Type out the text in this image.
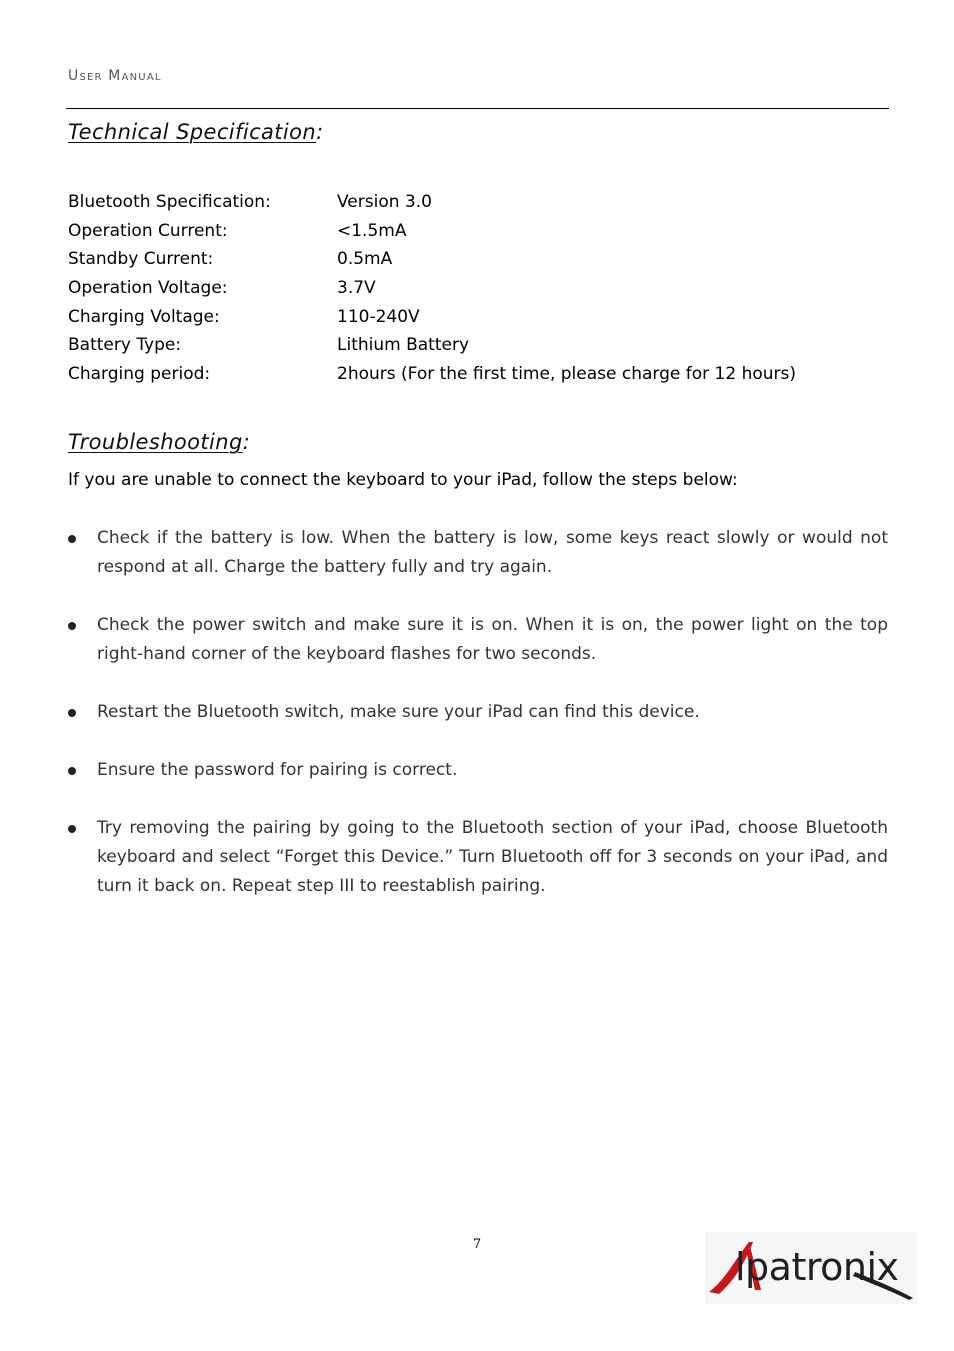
User Manual
Technical Specification:
Bluetooth Specification:	Version 3.0
Operation Current:	<1.5mA
Standby Current:	0.5mA
Operation Voltage:	3.7V
Charging Voltage:	110-240V
Battery Type:	Lithium Battery
Charging period:	2hours (For the first time, please charge for 12 hours)
Troubleshooting:
If you are unable to connect the keyboard to your iPad, follow the steps below:
Check if the battery is low. When the battery is low, some keys react slowly or would not respond at all. Charge the battery fully and try again.
Check the power switch and make sure it is on. When it is on, the power light on the top right-hand corner of the keyboard flashes for two seconds.
Restart the Bluetooth switch, make sure your iPad can find this device.
Ensure the password for pairing is correct.
Try removing the pairing by going to the Bluetooth section of your iPad, choose Bluetooth keyboard and select “Forget this Device.” Turn Bluetooth off for 3 seconds on your iPad, and turn it back on. Repeat step III to reestablish pairing.
7
lpatronix
